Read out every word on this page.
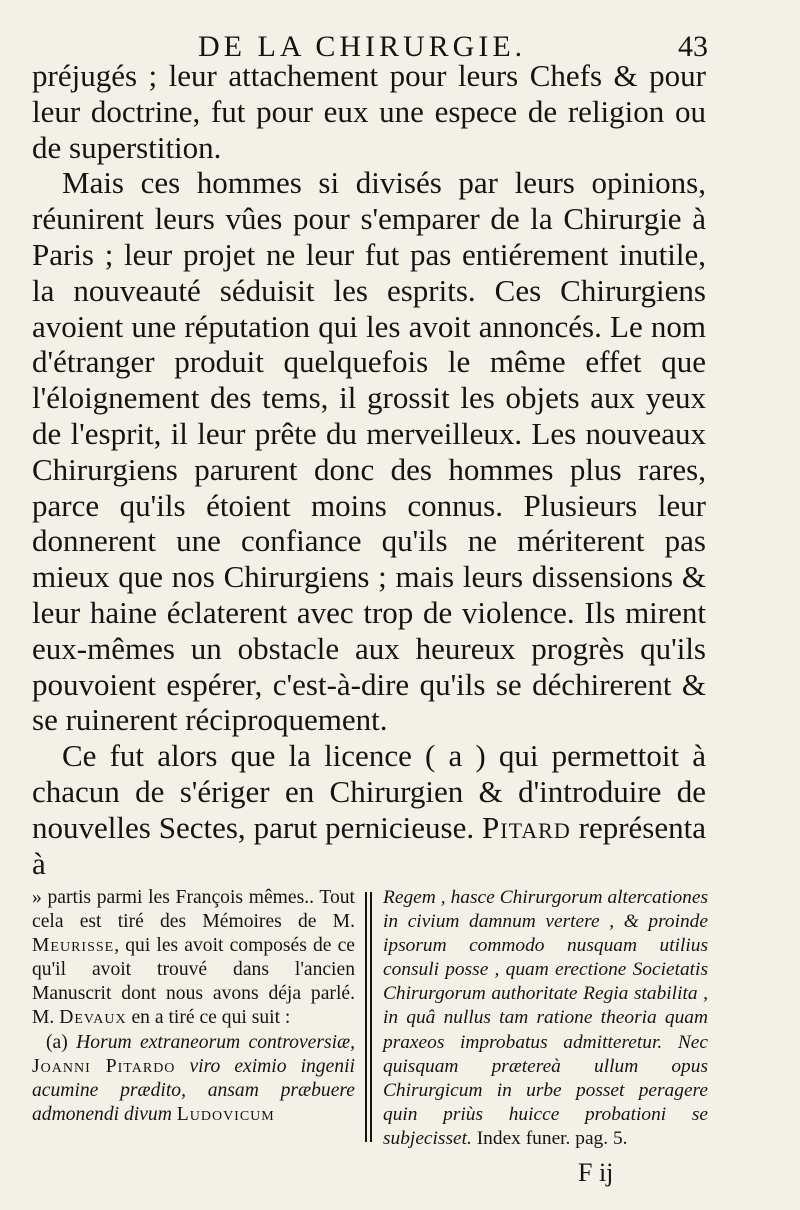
DE LA CHIRURGIE.	43

préjugés ; leur attachement pour leurs Chefs & pour leur doctrine, fut pour eux une espece de religion ou de superstition.

Mais ces hommes si divisés par leurs opinions, réunirent leurs vûes pour s'emparer de la Chirurgie à Paris ; leur projet ne leur fut pas entiérement inutile, la nouveauté séduisit les esprits. Ces Chirurgiens avoient une réputation qui les avoit annoncés. Le nom d'étranger produit quelquefois le même effet que l'éloignement des tems, il grossit les objets aux yeux de l'esprit, il leur prête du merveilleux. Les nouveaux Chirurgiens parurent donc des hommes plus rares, parce qu'ils étoient moins connus. Plusieurs leur donnerent une confiance qu'ils ne mériterent pas mieux que nos Chirurgiens ; mais leurs dissensions & leur haine éclaterent avec trop de violence. Ils mirent eux-mêmes un obstacle aux heureux progrès qu'ils pouvoient espérer, c'est-à-dire qu'ils se déchirerent & se ruinerent réciproquement.

Ce fut alors que la licence ( a ) qui permettoit à chacun de s'ériger en Chirurgien & d'introduire de nouvelles Sectes, parut pernicieuse. Pitard représenta à

» partis parmi les François mêmes.. Tout cela est tiré des Mémoires de M. Meurisse, qui les avoit composés de ce qu'il avoit trouvé dans l'ancien Manuscrit dont nous avons déja parlé. M. Devaux en a tiré ce qui suit :

(a) Horum extraneorum controversiæ, Joanni Pitardo viro eximio ingenii acumine prædito, ansam præbuere admonendi divum Ludovicum

Regem , hasce Chirurgorum altercationes in civium damnum vertere , & proinde ipsorum commodo nusquam utilius consuli posse , quam erectione Societatis Chirurgorum authoritate Regia stabilita , in quâ nullus tam ratione theoria quam praxeos improbatus admitteretur. Nec quisquam prætereà ullum opus Chirurgicum in urbe posset peragere quin priùs huicce probationi se subjecisset. Index funer. pag. 5.

F ij
